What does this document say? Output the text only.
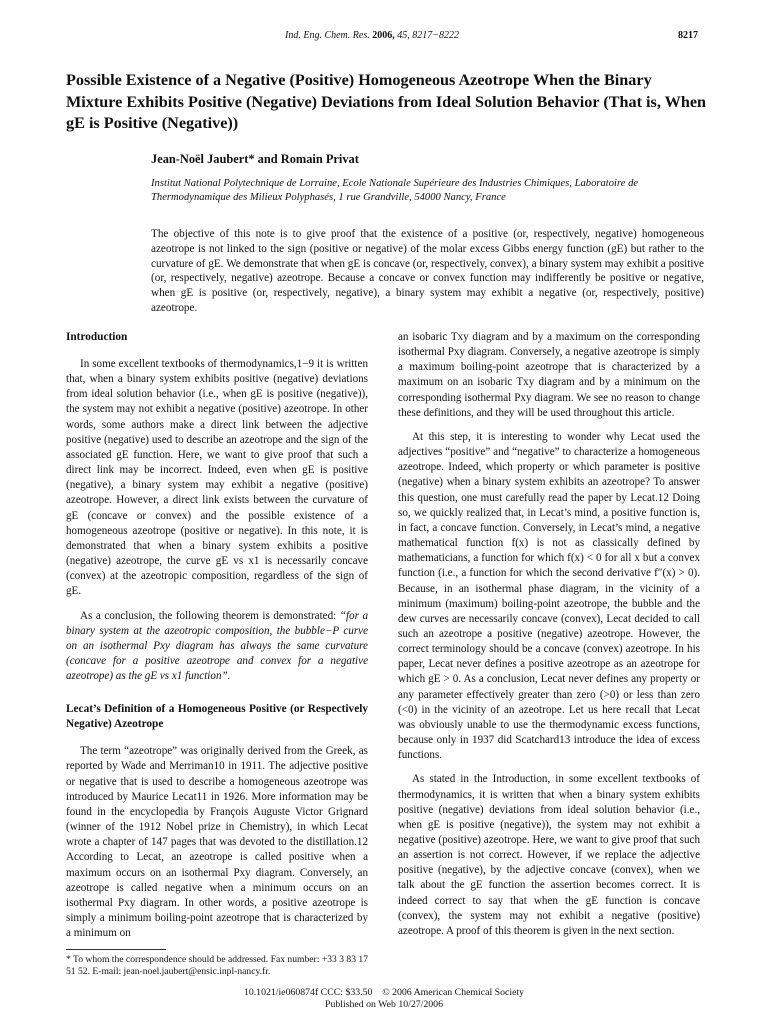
Ind. Eng. Chem. Res. 2006, 45, 8217−8222	8217
Possible Existence of a Negative (Positive) Homogeneous Azeotrope When the Binary Mixture Exhibits Positive (Negative) Deviations from Ideal Solution Behavior (That is, When gE is Positive (Negative))
Jean-Noël Jaubert* and Romain Privat
Institut National Polytechnique de Lorraine, Ecole Nationale Supérieure des Industries Chimiques, Laboratoire de Thermodynamique des Milieux Polyphasés, 1 rue Grandville, 54000 Nancy, France
The objective of this note is to give proof that the existence of a positive (or, respectively, negative) homogeneous azeotrope is not linked to the sign (positive or negative) of the molar excess Gibbs energy function (gE) but rather to the curvature of gE. We demonstrate that when gE is concave (or, respectively, convex), a binary system may exhibit a positive (or, respectively, negative) azeotrope. Because a concave or convex function may indifferently be positive or negative, when gE is positive (or, respectively, negative), a binary system may exhibit a negative (or, respectively, positive) azeotrope.
Introduction

In some excellent textbooks of thermodynamics,1−9 it is written that, when a binary system exhibits positive (negative) deviations from ideal solution behavior (i.e., when gE is positive (negative)), the system may not exhibit a negative (positive) azeotrope. In other words, some authors make a direct link between the adjective positive (negative) used to describe an azeotrope and the sign of the associated gE function. Here, we want to give proof that such a direct link may be incorrect. Indeed, even when gE is positive (negative), a binary system may exhibit a negative (positive) azeotrope. However, a direct link exists between the curvature of gE (concave or convex) and the possible existence of a homogeneous azeotrope (positive or negative). In this note, it is demonstrated that when a binary system exhibits a positive (negative) azeotrope, the curve gE vs x1 is necessarily concave (convex) at the azeotropic composition, regardless of the sign of gE.

As a conclusion, the following theorem is demonstrated: “for a binary system at the azeotropic composition, the bubble−P curve on an isothermal Pxy diagram has always the same curvature (concave for a positive azeotrope and convex for a negative azeotrope) as the gE vs x1 function”.

Lecat’s Definition of a Homogeneous Positive (or Respectively Negative) Azeotrope

The term “azeotrope” was originally derived from the Greek, as reported by Wade and Merriman10 in 1911. The adjective positive or negative that is used to describe a homogeneous azeotrope was introduced by Maurice Lecat11 in 1926. More information may be found in the encyclopedia by François Auguste Victor Grignard (winner of the 1912 Nobel prize in Chemistry), in which Lecat wrote a chapter of 147 pages that was devoted to the distillation.12 According to Lecat, an azeotrope is called positive when a maximum occurs on an isothermal Pxy diagram. Conversely, an azeotrope is called negative when a minimum occurs on an isothermal Pxy diagram. In other words, a positive azeotrope is simply a minimum boiling-point azeotrope that is characterized by a minimum on

an isobaric Txy diagram and by a maximum on the corresponding isothermal Pxy diagram. Conversely, a negative azeotrope is simply a maximum boiling-point azeotrope that is characterized by a maximum on an isobaric Txy diagram and by a minimum on the corresponding isothermal Pxy diagram. We see no reason to change these definitions, and they will be used throughout this article.

At this step, it is interesting to wonder why Lecat used the adjectives “positive” and “negative” to characterize a homogeneous azeotrope. Indeed, which property or which parameter is positive (negative) when a binary system exhibits an azeotrope? To answer this question, one must carefully read the paper by Lecat.12 Doing so, we quickly realized that, in Lecat’s mind, a positive function is, in fact, a concave function. Conversely, in Lecat’s mind, a negative mathematical function f(x) is not as classically defined by mathematicians, a function for which f(x) < 0 for all x but a convex function (i.e., a function for which the second derivative f″(x) > 0). Because, in an isothermal phase diagram, in the vicinity of a minimum (maximum) boiling-point azeotrope, the bubble and the dew curves are necessarily concave (convex), Lecat decided to call such an azeotrope a positive (negative) azeotrope. However, the correct terminology should be a concave (convex) azeotrope. In his paper, Lecat never defines a positive azeotrope as an azeotrope for which gE > 0. As a conclusion, Lecat never defines any property or any parameter effectively greater than zero (>0) or less than zero (<0) in the vicinity of an azeotrope. Let us here recall that Lecat was obviously unable to use the thermodynamic excess functions, because only in 1937 did Scatchard13 introduce the idea of excess functions.

As stated in the Introduction, in some excellent textbooks of thermodynamics, it is written that when a binary system exhibits positive (negative) deviations from ideal solution behavior (i.e., when gE is positive (negative)), the system may not exhibit a negative (positive) azeotrope. Here, we want to give proof that such an assertion is not correct. However, if we replace the adjective positive (negative), by the adjective concave (convex), when we talk about the gE function the assertion becomes correct. It is indeed correct to say that when the gE function is concave (convex), the system may not exhibit a negative (positive) azeotrope. A proof of this theorem is given in the next section.

* To whom the correspondence should be addressed. Fax number: +33 3 83 17 51 52. E-mail: jean-noel.jaubert@ensic.inpl-nancy.fr.
10.1021/ie060874f CCC: $33.50 © 2006 American Chemical Society
Published on Web 10/27/2006
